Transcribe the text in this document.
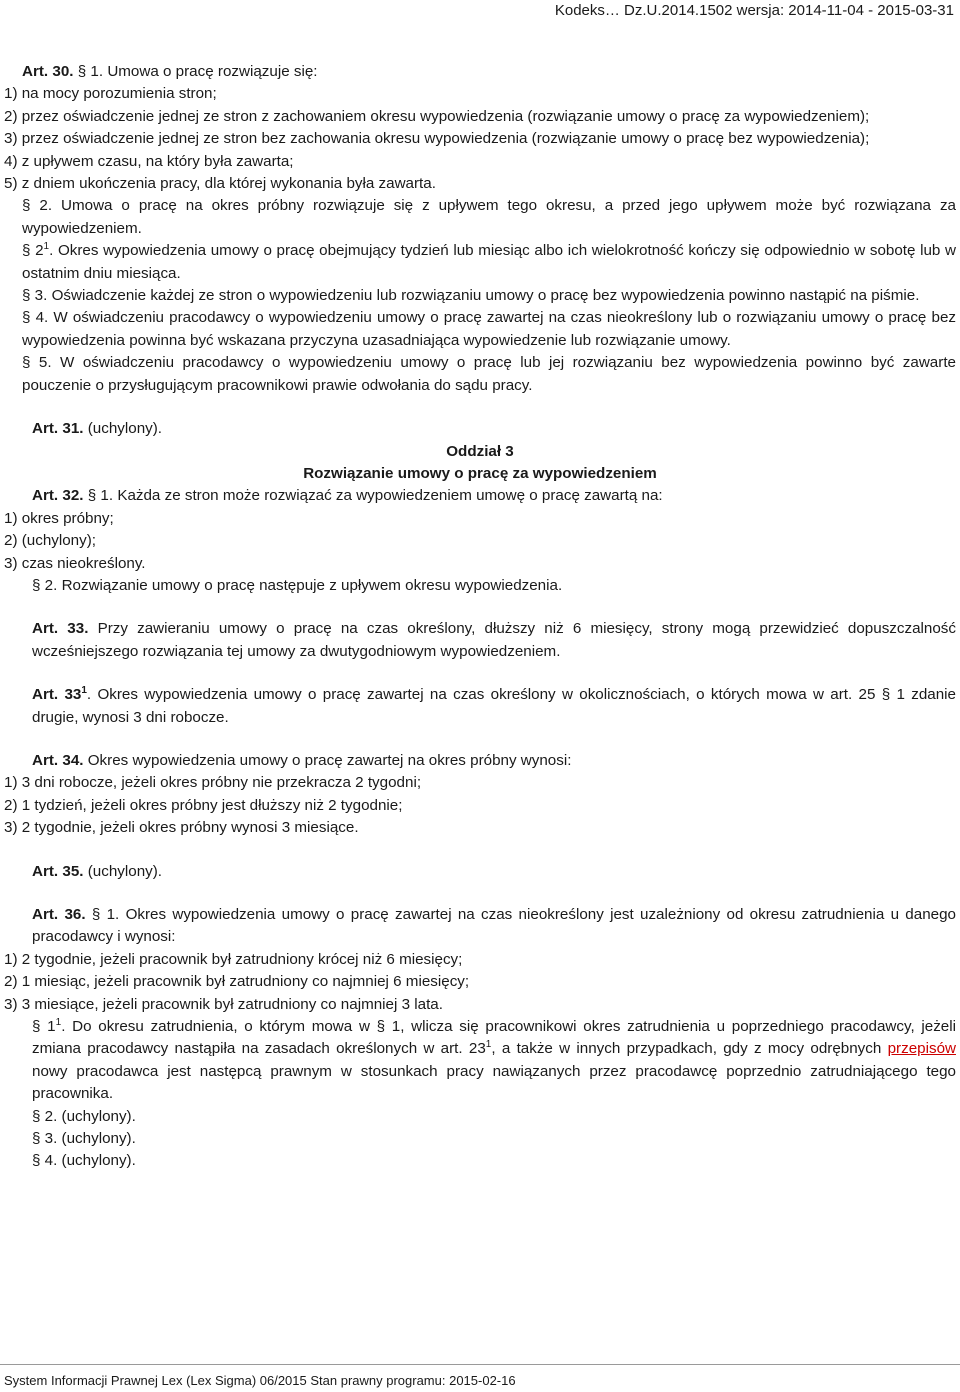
Kodeks… Dz.U.2014.1502 wersja: 2014-11-04 - 2015-03-31

Art. 30. § 1. Umowa o pracę rozwiązuje się:

1) na mocy porozumienia stron;

2) przez oświadczenie jednej ze stron z zachowaniem okresu wypowiedzenia (rozwiązanie umowy o pracę za wypowiedzeniem);

3) przez oświadczenie jednej ze stron bez zachowania okresu wypowiedzenia (rozwiązanie umowy o pracę bez wypowiedzenia);

4) z upływem czasu, na który była zawarta;

5) z dniem ukończenia pracy, dla której wykonania była zawarta.

§ 2. Umowa o pracę na okres próbny rozwiązuje się z upływem tego okresu, a przed jego upływem może być rozwiązana za wypowiedzeniem.

§ $2^1$. Okres wypowiedzenia umowy o pracę obejmujący tydzień lub miesiąc albo ich wielokrotność kończy się odpowiednio w sobotę lub w ostatnim dniu miesiąca.

§ 3. Oświadczenie każdej ze stron o wypowiedzeniu lub rozwiązaniu umowy o pracę bez wypowiedzenia powinno nastąpić na piśmie.

§ 4. W oświadczeniu pracodawcy o wypowiedzeniu umowy o pracę zawartej na czas nieokreślony lub o rozwiązaniu umowy o pracę bez wypowiedzenia powinna być wskazana przyczyna uzasadniająca wypowiedzenie lub rozwiązanie umowy.

§ 5. W oświadczeniu pracodawcy o wypowiedzeniu umowy o pracę lub jej rozwiązaniu bez wypowiedzenia powinno być zawarte pouczenie o przysługującym pracownikowi prawie odwołania do sądu pracy.

Art. 31. (uchylony).

Oddział 3

Rozwiązanie umowy o pracę za wypowiedzeniem

Art. 32. § 1. Każda ze stron może rozwiązać za wypowiedzeniem umowę o pracę zawartą na:

1) okres próbny;

2) (uchylony);

3) czas nieokreślony.

§ 2. Rozwiązanie umowy o pracę następuje z upływem okresu wypowiedzenia.

Art. 33. Przy zawieraniu umowy o pracę na czas określony, dłuższy niż 6 miesięcy, strony mogą przewidzieć dopuszczalność wcześniejszego rozwiązania tej umowy za dwutygodniowym wypowiedzeniem.

Art. $33^1$. Okres wypowiedzenia umowy o pracę zawartej na czas określony w okolicznościach, o których mowa w art. 25 § 1 zdanie drugie, wynosi 3 dni robocze.

Art. 34. Okres wypowiedzenia umowy o pracę zawartej na okres próbny wynosi:

1) 3 dni robocze, jeżeli okres próbny nie przekracza 2 tygodni;

2) 1 tydzień, jeżeli okres próbny jest dłuższy niż 2 tygodnie;

3) 2 tygodnie, jeżeli okres próbny wynosi 3 miesiące.

Art. 35. (uchylony).

Art. 36. § 1. Okres wypowiedzenia umowy o pracę zawartej na czas nieokreślony jest uzależniony od okresu zatrudnienia u danego pracodawcy i wynosi:

1) 2 tygodnie, jeżeli pracownik był zatrudniony krócej niż 6 miesięcy;

2) 1 miesiąc, jeżeli pracownik był zatrudniony co najmniej 6 miesięcy;

3) 3 miesiące, jeżeli pracownik był zatrudniony co najmniej 3 lata.

§ $1^1$. Do okresu zatrudnienia, o którym mowa w § 1, wlicza się pracownikowi okres zatrudnienia u poprzedniego pracodawcy, jeżeli zmiana pracodawcy nastąpiła na zasadach określonych w art. $23^1$, a także w innych przypadkach, gdy z mocy odrębnych przepisów nowy pracodawca jest następcą prawnym w stosunkach pracy nawiązanych przez pracodawcę poprzednio zatrudniającego tego pracownika.

§ 2. (uchylony).

§ 3. (uchylony).

§ 4. (uchylony).

System Informacji Prawnej Lex (Lex Sigma) 06/2015 Stan prawny programu: 2015-02-16
